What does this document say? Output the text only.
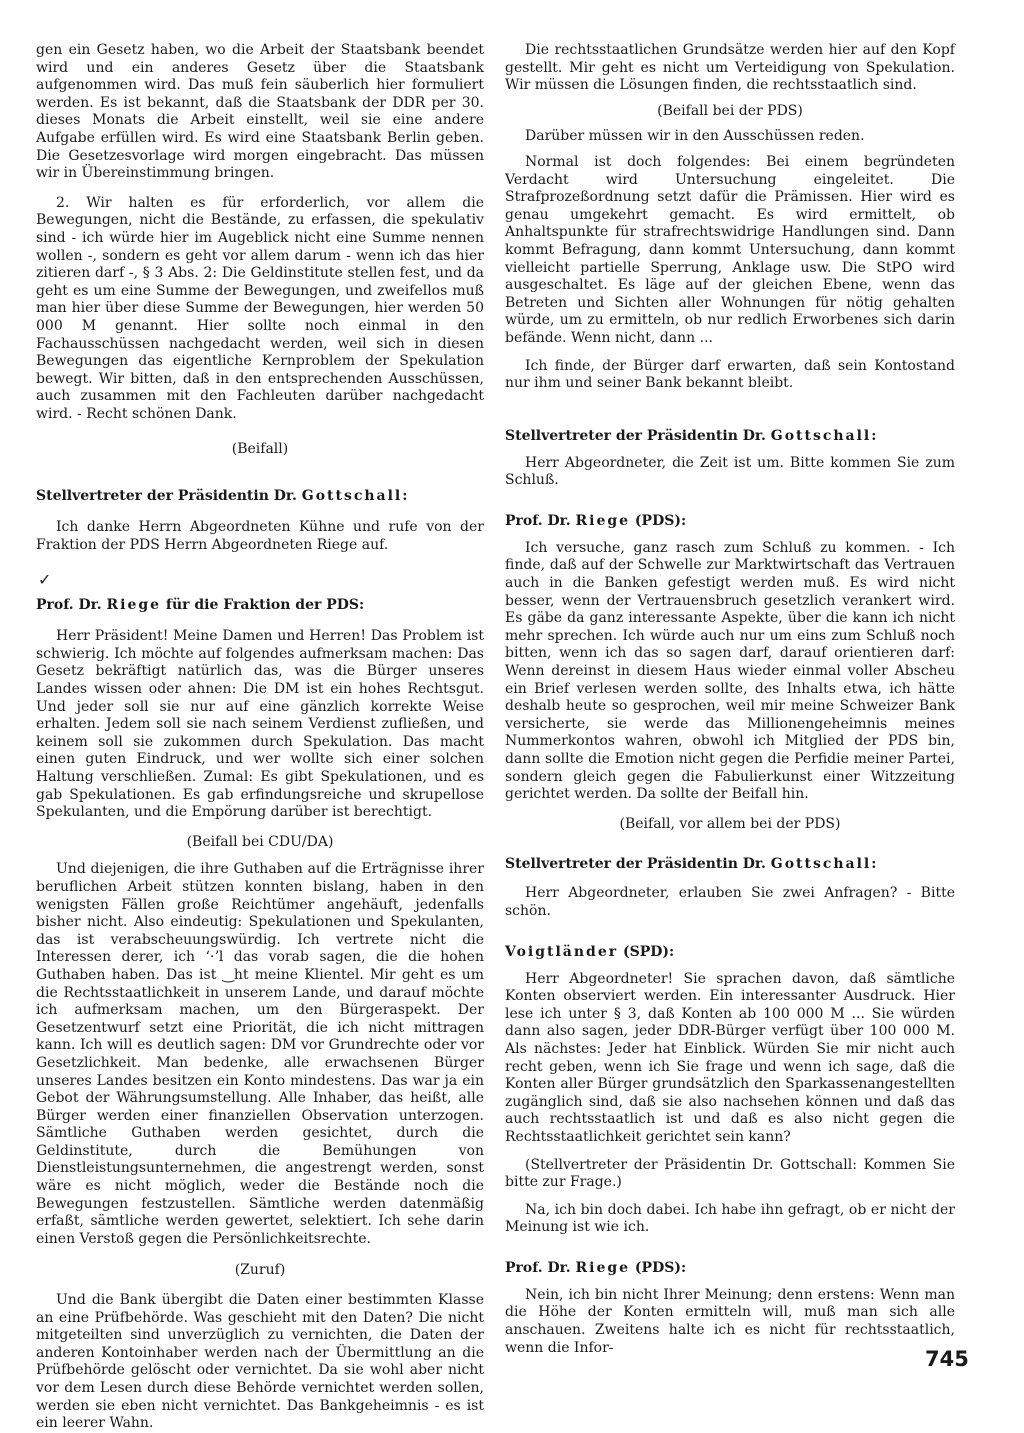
gen ein Gesetz haben, wo die Arbeit der Staatsbank beendet wird und ein anderes Gesetz über die Staatsbank aufgenommen wird. Das muß fein säuberlich hier formuliert werden. Es ist bekannt, daß die Staatsbank der DDR per 30. dieses Monats die Arbeit einstellt, weil sie eine andere Aufgabe erfüllen wird. Es wird eine Staatsbank Berlin geben. Die Gesetzesvorlage wird morgen eingebracht. Das müssen wir in Übereinstimmung bringen.

2. Wir halten es für erforderlich, vor allem die Bewegungen, nicht die Bestände, zu erfassen, die spekulativ sind - ich würde hier im Augeblick nicht eine Summe nennen wollen -, sondern es geht vor allem darum - wenn ich das hier zitieren darf -, § 3 Abs. 2: Die Geldinstitute stellen fest, und da geht es um eine Summe der Bewegungen, und zweifellos muß man hier über diese Summe der Bewegungen, hier werden 50 000 M genannt. Hier sollte noch einmal in den Fachausschüssen nachgedacht werden, weil sich in diesen Bewegungen das eigentliche Kernproblem der Spekulation bewegt. Wir bitten, daß in den entsprechenden Ausschüssen, auch zusammen mit den Fachleuten darüber nachgedacht wird. - Recht schönen Dank.

(Beifall)

Stellvertreter der Präsidentin Dr. Gottschall:

Ich danke Herrn Abgeordneten Kühne und rufe von der Fraktion der PDS Herrn Abgeordneten Riege auf.

✓

Prof. Dr. Riege für die Fraktion der PDS:

Herr Präsident! Meine Damen und Herren! Das Problem ist schwierig. Ich möchte auf folgendes aufmerksam machen: Das Gesetz bekräftigt natürlich das, was die Bürger unseres Landes wissen oder ahnen: Die DM ist ein hohes Rechtsgut. Und jeder soll sie nur auf eine gänzlich korrekte Weise erhalten. Jedem soll sie nach seinem Verdienst zufließen, und keinem soll sie zukommen durch Spekulation. Das macht einen guten Eindruck, und wer wollte sich einer solchen Haltung verschließen. Zumal: Es gibt Spekulationen, und es gab Spekulationen. Es gab erfindungsreiche und skrupellose Spekulanten, und die Empörung darüber ist berechtigt.

(Beifall bei CDU/DA)

Und diejenigen, die ihre Guthaben auf die Erträgnisse ihrer beruflichen Arbeit stützen konnten bislang, haben in den wenigsten Fällen große Reichtümer angehäuft, jedenfalls bisher nicht. Also eindeutig: Spekulationen und Spekulanten, das ist verabscheuungswürdig. Ich vertrete nicht die Interessen derer, ich ʻ·ʼl das vorab sagen, die die hohen Guthaben haben. Das ist ‿ht meine Klientel. Mir geht es um die Rechtsstaatlichkeit in unserem Lande, und darauf möchte ich aufmerksam machen, um den Bürgeraspekt. Der Gesetzentwurf setzt eine Priorität, die ich nicht mittragen kann. Ich will es deutlich sagen: DM vor Grundrechte oder vor Gesetzlichkeit. Man bedenke, alle erwachsenen Bürger unseres Landes besitzen ein Konto mindestens. Das war ja ein Gebot der Währungsumstellung. Alle Inhaber, das heißt, alle Bürger werden einer finanziellen Observation unterzogen. Sämtliche Guthaben werden gesichtet, durch die Geldinstitute, durch die Bemühungen von Dienstleistungsunternehmen, die angestrengt werden, sonst wäre es nicht möglich, weder die Bestände noch die Bewegungen festzustellen. Sämtliche werden datenmäßig erfaßt, sämtliche werden gewertet, selektiert. Ich sehe darin einen Verstoß gegen die Persönlichkeitsrechte.

(Zuruf)

Und die Bank übergibt die Daten einer bestimmten Klasse an eine Prüfbehörde. Was geschieht mit den Daten? Die nicht mitgeteilten sind unverzüglich zu vernichten, die Daten der anderen Kontoinhaber werden nach der Übermittlung an die Prüfbehörde gelöscht oder vernichtet. Da sie wohl aber nicht vor dem Lesen durch diese Behörde vernichtet werden sollen, werden sie eben nicht vernichtet. Das Bankgeheimnis - es ist ein leerer Wahn.

Die rechtsstaatlichen Grundsätze werden hier auf den Kopf gestellt. Mir geht es nicht um Verteidigung von Spekulation. Wir müssen die Lösungen finden, die rechtsstaatlich sind.

(Beifall bei der PDS)

Darüber müssen wir in den Ausschüssen reden.

Normal ist doch folgendes: Bei einem begründeten Verdacht wird Untersuchung eingeleitet. Die Strafprozeßordnung setzt dafür die Prämissen. Hier wird es genau umgekehrt gemacht. Es wird ermittelt, ob Anhaltspunkte für strafrechtswidrige Handlungen sind. Dann kommt Befragung, dann kommt Untersuchung, dann kommt vielleicht partielle Sperrung, Anklage usw. Die StPO wird ausgeschaltet. Es läge auf der gleichen Ebene, wenn das Betreten und Sichten aller Wohnungen für nötig gehalten würde, um zu ermitteln, ob nur redlich Erworbenes sich darin befände. Wenn nicht, dann ...

Ich finde, der Bürger darf erwarten, daß sein Kontostand nur ihm und seiner Bank bekannt bleibt.

Stellvertreter der Präsidentin Dr. Gottschall:

Herr Abgeordneter, die Zeit ist um. Bitte kommen Sie zum Schluß.

Prof. Dr. Riege (PDS):

Ich versuche, ganz rasch zum Schluß zu kommen. - Ich finde, daß auf der Schwelle zur Marktwirtschaft das Vertrauen auch in die Banken gefestigt werden muß. Es wird nicht besser, wenn der Vertrauensbruch gesetzlich verankert wird. Es gäbe da ganz interessante Aspekte, über die kann ich nicht mehr sprechen. Ich würde auch nur um eins zum Schluß noch bitten, wenn ich das so sagen darf, darauf orientieren darf: Wenn dereinst in diesem Haus wieder einmal voller Abscheu ein Brief verlesen werden sollte, des Inhalts etwa, ich hätte deshalb heute so gesprochen, weil mir meine Schweizer Bank versicherte, sie werde das Millionengeheimnis meines Nummerkontos wahren, obwohl ich Mitglied der PDS bin, dann sollte die Emotion nicht gegen die Perfidie meiner Partei, sondern gleich gegen die Fabulierkunst einer Witzzeitung gerichtet werden. Da sollte der Beifall hin.

(Beifall, vor allem bei der PDS)

Stellvertreter der Präsidentin Dr. Gottschall:

Herr Abgeordneter, erlauben Sie zwei Anfragen? - Bitte schön.

Voigtländer (SPD):

Herr Abgeordneter! Sie sprachen davon, daß sämtliche Konten observiert werden. Ein interessanter Ausdruck. Hier lese ich unter § 3, daß Konten ab 100 000 M ... Sie würden dann also sagen, jeder DDR-Bürger verfügt über 100 000 M. Als nächstes: Jeder hat Einblick. Würden Sie mir nicht auch recht geben, wenn ich Sie frage und wenn ich sage, daß die Konten aller Bürger grundsätzlich den Sparkassenangestellten zugänglich sind, daß sie also nachsehen können und daß das auch rechtsstaatlich ist und daß es also nicht gegen die Rechtsstaatlichkeit gerichtet sein kann?

(Stellvertreter der Präsidentin Dr. Gottschall: Kommen Sie bitte zur Frage.)

Na, ich bin doch dabei. Ich habe ihn gefragt, ob er nicht der Meinung ist wie ich.

Prof. Dr. Riege (PDS):

Nein, ich bin nicht Ihrer Meinung; denn erstens: Wenn man die Höhe der Konten ermitteln will, muß man sich alle anschauen. Zweitens halte ich es nicht für rechtsstaatlich, wenn die Infor-	745
